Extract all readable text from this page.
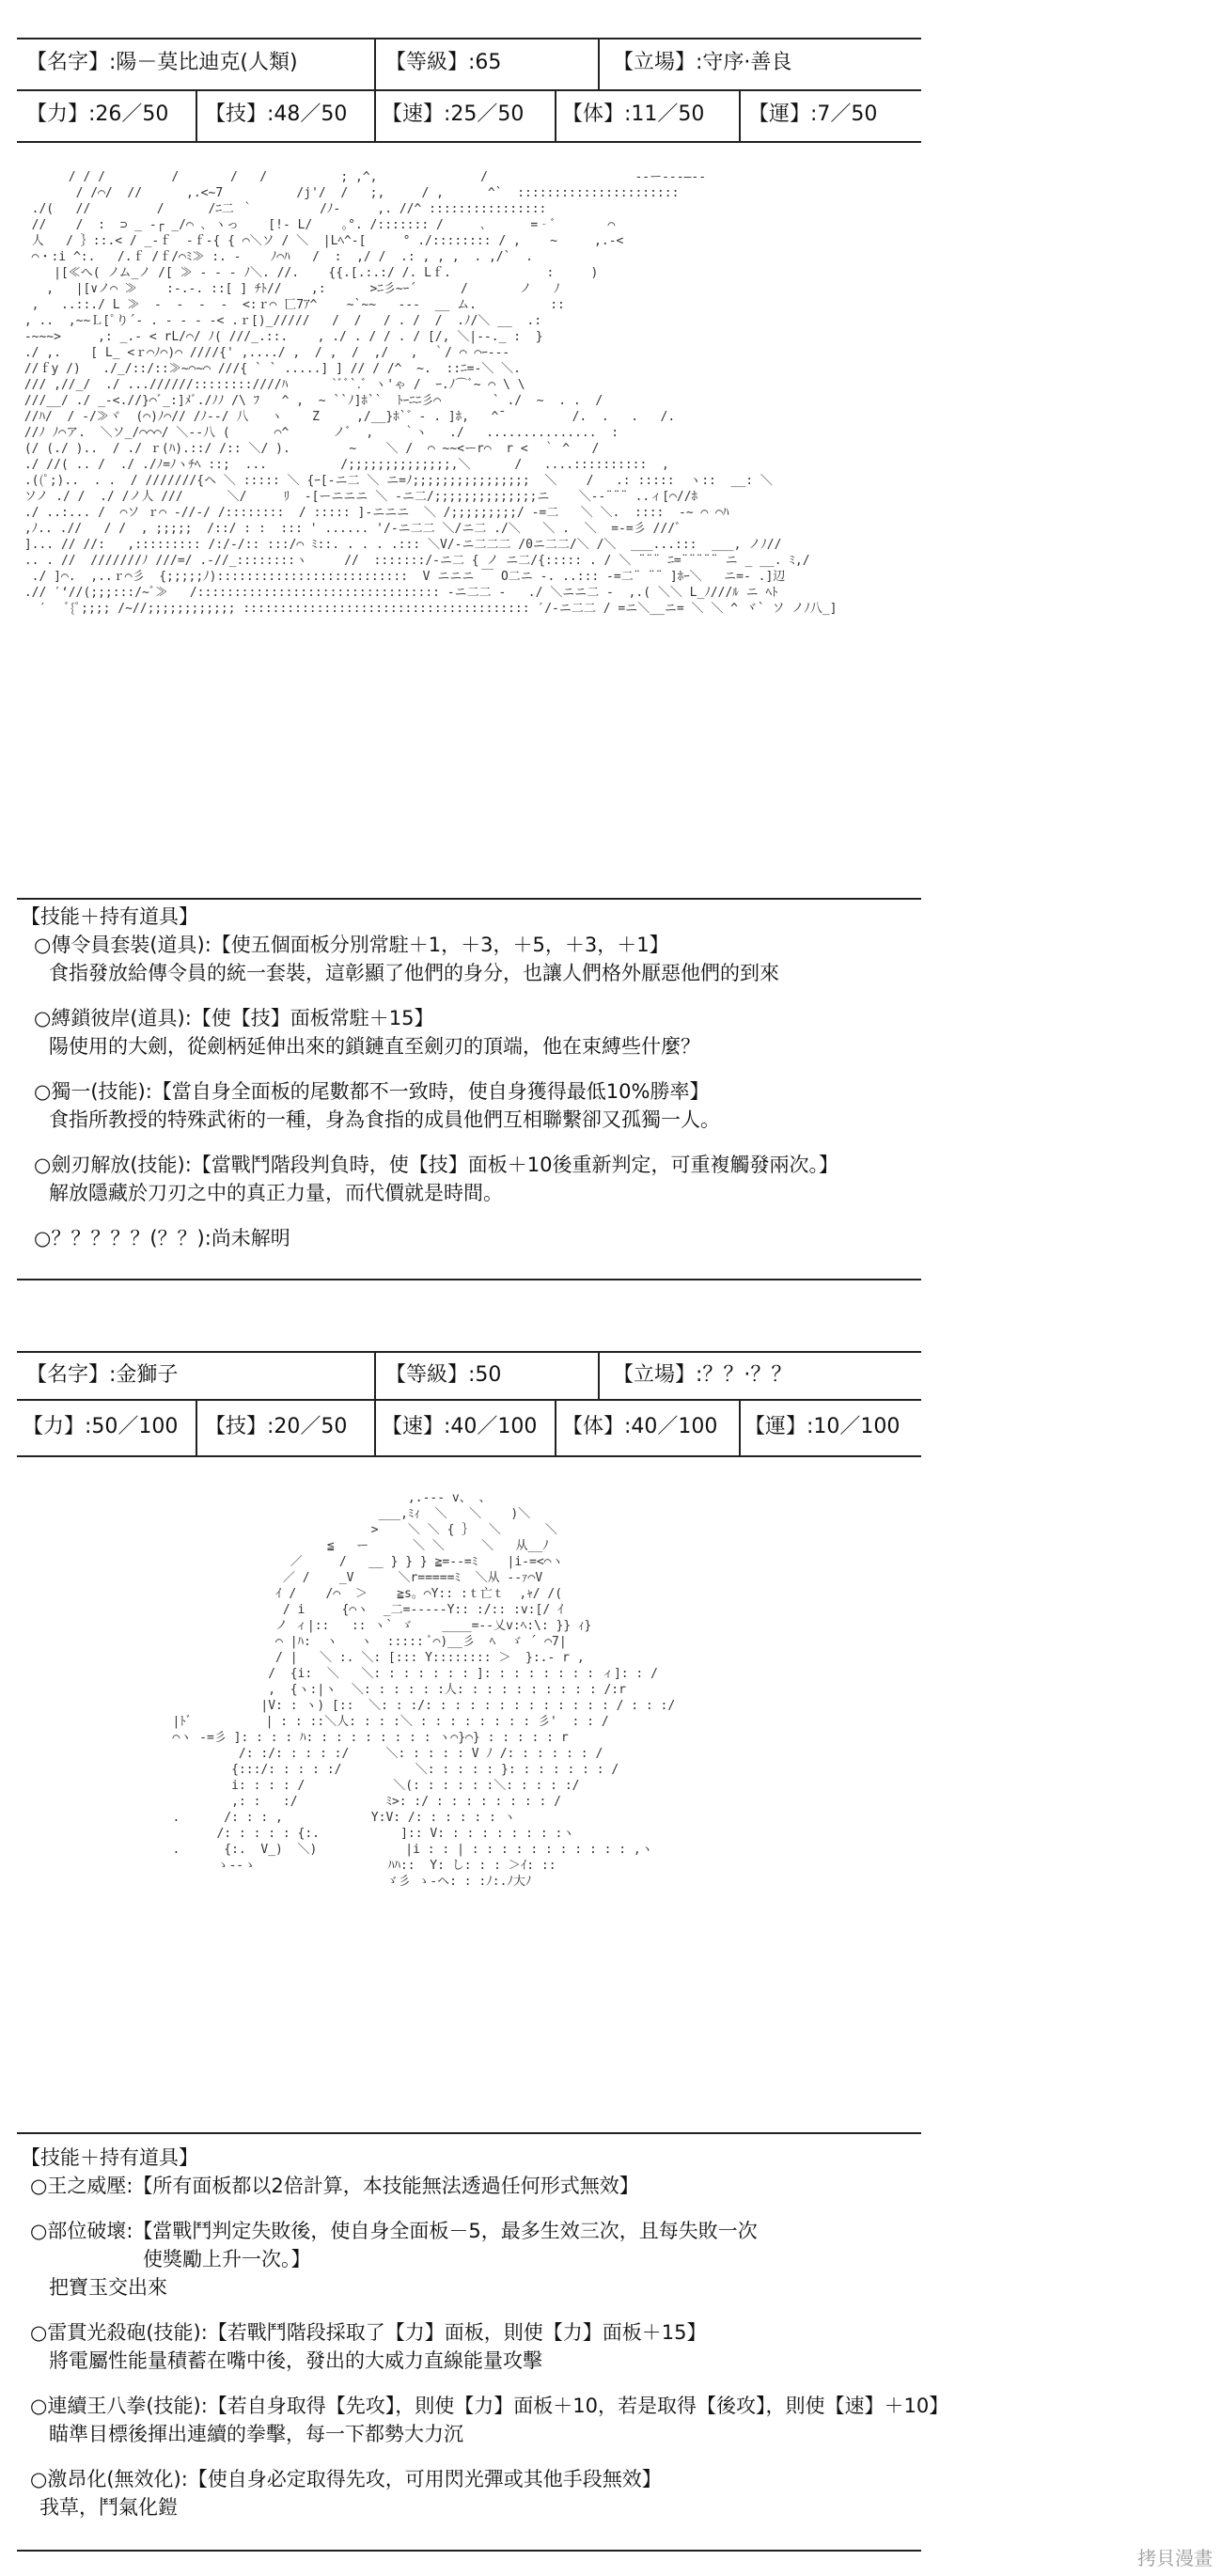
【名字】:陽－莫比迪克(人類)	【等級】:65	【立場】:守序·善良
【力】:26／50 【技】:48／50 【速】:25／50 【体】:11／50 【運】:7／50
/ / /         /       /   /          ; ,^,              /                    --ー‐--―--
/ /⌒/  //      ,.<~7          /j'/  /   ;,     / ,      ^`  ::::::::::::::::::::::
./(   //         /      /ﾆ二 ｀         /ﾉ-     ,. //^ ::::::::::::::::
//    /  :  ⊃ _ -┌ _/⌒ ､ ヽっ    [!- L/    ｡°. /::::::: /     ､      =‐ﾞ       ⌒
人   / ｝::.< / _-ｆ  -ｆ‐{ { ⌒＼ソ / ＼  |Lﾍ^-[     ° ./:::::::: / ,    ~     ,.-<
⌒・:i ^:.   /.ｆ /ｆ/⌒ﾐ≫ :. -    ﾉ⌒ﾊ   /  :  ,/ /  .: , , ,  . ,/`  .
|[≪へ( ノム_ノ /[ ≫ - - - ﾉ＼. //.    {{.[.:.:/ /. Lｆ.             :     )
,   |[∨ノ⌒ ≫    :-.-. ::[ ] ﾁﾄ//    ,:      >ﾆ彡~ｰ´      /       ノ   ﾉ
,   ..::./ L ≫  -  -  -  -  <:ｒ⌒ 匸7ｱ^    ~`~~   -‐-  __ ム.          ::
, ..  ,~~Ｌ[ﾟり´- . - - - -< .ｒ[)_/////   /  /   / . /  /  .ﾉ/＼ __  .:
-~~~>     ,: _.- < rL/⌒/ ﾉ( ///_.::.    , ./ . / / . / [/, ＼|--._ :  }
./ ,.    [ L_ <ｒ⌒ﾉ⌒)⌒ ////{' ,..../ ,  / ,  /  ,/   ,  ｀/ ⌒ ⌒ｰ-‐-
//ｆy /)   ./_/::/::≫~⌒~⌒ ///{ ` ` .....] ] // / /^  ~.  ::ﾆ=‐＼ ＼.
/// ,//_/  ./ ...//////::::::::////ﾊ      `ﾞﾞ`.ﾞ ヽ'ゃ /  ｰ.ﾉ⌒ﾞ~ ⌒ \ \
///__/ ./ _-<.//}⌒ﾞ_:]ﾒﾞ./ﾉﾉ /\ ﾌ   ^ ,  ~ ``ﾉ]ﾎ``  ﾄｰﾆﾆ彡⌒       ` ./  ~  . .  /
//ﾊ/  / -/≫ヾ  (⌒)ﾉ⌒// /ﾉ--/ 八   ヽ    Z     ,/__}ﾎ`゛- . ]ﾎ,   ^¯         /.  .   .   /.
//ﾉ ﾉ⌒ア.  ＼ソ_/⌒⌒⌒/ ＼--八 (      ⌒^      ノﾞ  ,    ｀ヽ   ./   ...............  :
(/ (./ )..  / ./ ｒ(ﾊ).::/ /:: ＼/ ).        ~    ＼ /  ⌒ ~~<ーr⌒  r <  ｀ ^   /
./ //( .. /  ./ ./ﾉ=ﾉヽﾁﾍ ::;  ...          /;;;;;;;;;;;;;;,＼      /   ....::::::::::  ,
.((ﾟ;)..  . .  / ///////{ヘ ＼ ::::: ＼ {ｰ[-ニ二 ＼ ニ=ﾉ;;;;;;;;;;;;;;;;  ＼    /   .: :::::  ヽ::  __: ＼
ソノ ./ /  ./ /ノ人 ///      ＼/     ﾘ  -[ーニニニ ＼ -ニ二/;;;;;;;;;;;;;;ニ    ＼-‐¨¨¨ ..ィ[⌒//ﾎ
./ ..:... /  ⌒ソ ｒ⌒ -//-/ /::::::::  / ::::: ]-ニニニ  ＼ /;;;;;;;;;/ -=二   ＼ ＼.  ::::  -~ ⌒ ⌒ﾊ
,ﾉ.. .//   / /  , ;;;;;  /::/ : :  ::: ' ...... '/-ニ二二 ＼/ニ二 ./＼   ＼ .  ＼  =-=彡 ///ﾞ
]... // //:   ,::::::::: /:/-/:: :::/⌒ ﾐ::. . . . .::: ＼V/-ニ二二二 /0ニ二二/＼ /＼  ___...:::  ___, ノﾉ//
.. . //  ///////ﾉ ///=/ .-//_::::::::ヽ     //  :::::::/-ニ二 { ノ ニ二/{::::: . / ＼ ¨¨¨ ﾆ=¨¨¨¨¨ ニ _ __. ﾐ,/
./ ]⌒.  ,..ｒ⌒彡  {;;;;;ﾉ)::::::::::::::::::::::::::  V ニニニ ￣ O二ニ -. ..::: -=二¨ ¨¨ ]ﾎｰ＼   ニ=- .]辺
.// ′‘//(;;;:::/~ﾞ≫   /::::::::::::::::::::::::::::::::: -ニ二二 -   ./ ＼ニニ二 -  ,.( ＼＼ L_ﾉ///ﾙ ニ ﾍﾄ
′   ﾞ{ﾟ;;;; /~//;;;;;;;;;;;; ::::::::::::::::::::::::::::::::::::::: ′/-ニ二二 / =ニ＼__ニ= ＼ ＼ ^ ヾ` ソ ノﾉ八_]

【技能＋持有道具】
○傳令員套裝(道具):【使五個面板分別常駐＋1，＋3，＋5，＋3，＋1】
食指發放給傳令員的統一套裝，這彰顯了他們的身分，也讓人們格外厭惡他們的到來
○縛鎖彼岸(道具):【使【技】面板常駐＋15】
陽使用的大劍，從劍柄延伸出來的鎖鏈直至劍刃的頂端，他在束縛些什麼？
○獨一(技能):【當自身全面板的尾數都不一致時，使自身獲得最低10%勝率】
食指所教授的特殊武術的一種，身為食指的成員他們互相聯繫卻又孤獨一人。
○劍刃解放(技能):【當戰鬥階段判負時，使【技】面板＋10後重新判定，可重複觸發兩次。】
解放隱藏於刀刃之中的真正力量，而代價就是時間。
○？？？？？(？？):尚未解明
【名字】:金獅子	【等級】:50	【立場】:？？·？？
【力】:50／100 【技】:20／50 【速】:40／100 【体】:40／100 【運】:10／100
,.--- v、 、
___,ﾐｨ  ＼   ＼    )＼
>    ＼ ＼ { ｝  ＼      ＼
≦   ー      ＼ ＼     ＼   从__ﾉ
／     /   __ } } } ≧=--=ﾐ    |i-=<⌒ヽ
／ /    _V      ＼r=====ﾐ  ＼从 --ｧ⌒V
ｲ /    /⌒  ＞    ≧s。⌒Y:: :ｔ亡ｔ  ,ｬ/ /(
/ i     {⌒ヽ  _二=-----Y:: :/:: :v:[/ ｲ
ノ ィ|::   :: ヽ` ゞ    ____=--乂v:ﾍ:\: }} ｨ}
⌒ |ﾊ:  ヽ   ヽ  ::::: ﾞ⌒)__彡  ﾍ  ゞ ´ ⌒7|
/ |   ＼ :. ＼: [::: Y:::::::: ＞  }:.- r ,
/  {i:  ＼   ＼: : : : : : : ]: : : : : : : : ィ]: : /
,  {ヽ:|ヽ  ＼: : : : : :人: : : : : : : : : : /:r
|V: : ヽ) [::  ＼: : :/: : : : : : : : : : : : : / : : :/
|ﾄﾞ          | : : ::＼人: : : :＼ : : : : : : : : 彡'  : : /
⌒ヽ ‐=彡 ]: : : : ﾊ: : : : : : : : : ヽ⌒}⌒} : : : : : r
/: :/: : : : :/     ＼: : : : : V ﾉ /: : : : : : /
{:::/: : : : :/          ＼: : : : : }: : : : : : : /
i: : : : /            ＼(: : : : : :＼: : : : :/
,: :   :/            ﾐ>: :/ : : : : : : : : /
.      /: : : ,            Y:V: /: : : : : : ヽ
/: : : : : {:.           ]:: V: : : : : : : : :ヽ
.      {:.  V_)  ＼)            |i : : | : : : : : : : : : : : ,ヽ
ゝ-‐ゝ                  ﾊﾊ::  Y: し: : : ＞ｲ: ::
ゞ彡 ゝ‐ヘ: : :ﾉ:.ﾉ大ﾉ

【技能＋持有道具】
○王之威壓:【所有面板都以2倍計算，本技能無法透過任何形式無效】
○部位破壞:【當戰鬥判定失敗後，使自身全面板－5，最多生效三次，且每失敗一次
使獎勵上升一次。】
把寶玉交出來
○雷貫光殺砲(技能):【若戰鬥階段採取了【力】面板，則使【力】面板＋15】
將電屬性能量積蓄在嘴中後，發出的大威力直線能量攻擊
○連續王八拳(技能):【若自身取得【先攻】，則使【力】面板＋10，若是取得【後攻】，則使【速】＋10】
瞄準目標後揮出連續的拳擊，每一下都勢大力沉
○激昂化(無效化):【使自身必定取得先攻，可用閃光彈或其他手段無效】
我草，鬥氣化鎧
拷貝漫畫
